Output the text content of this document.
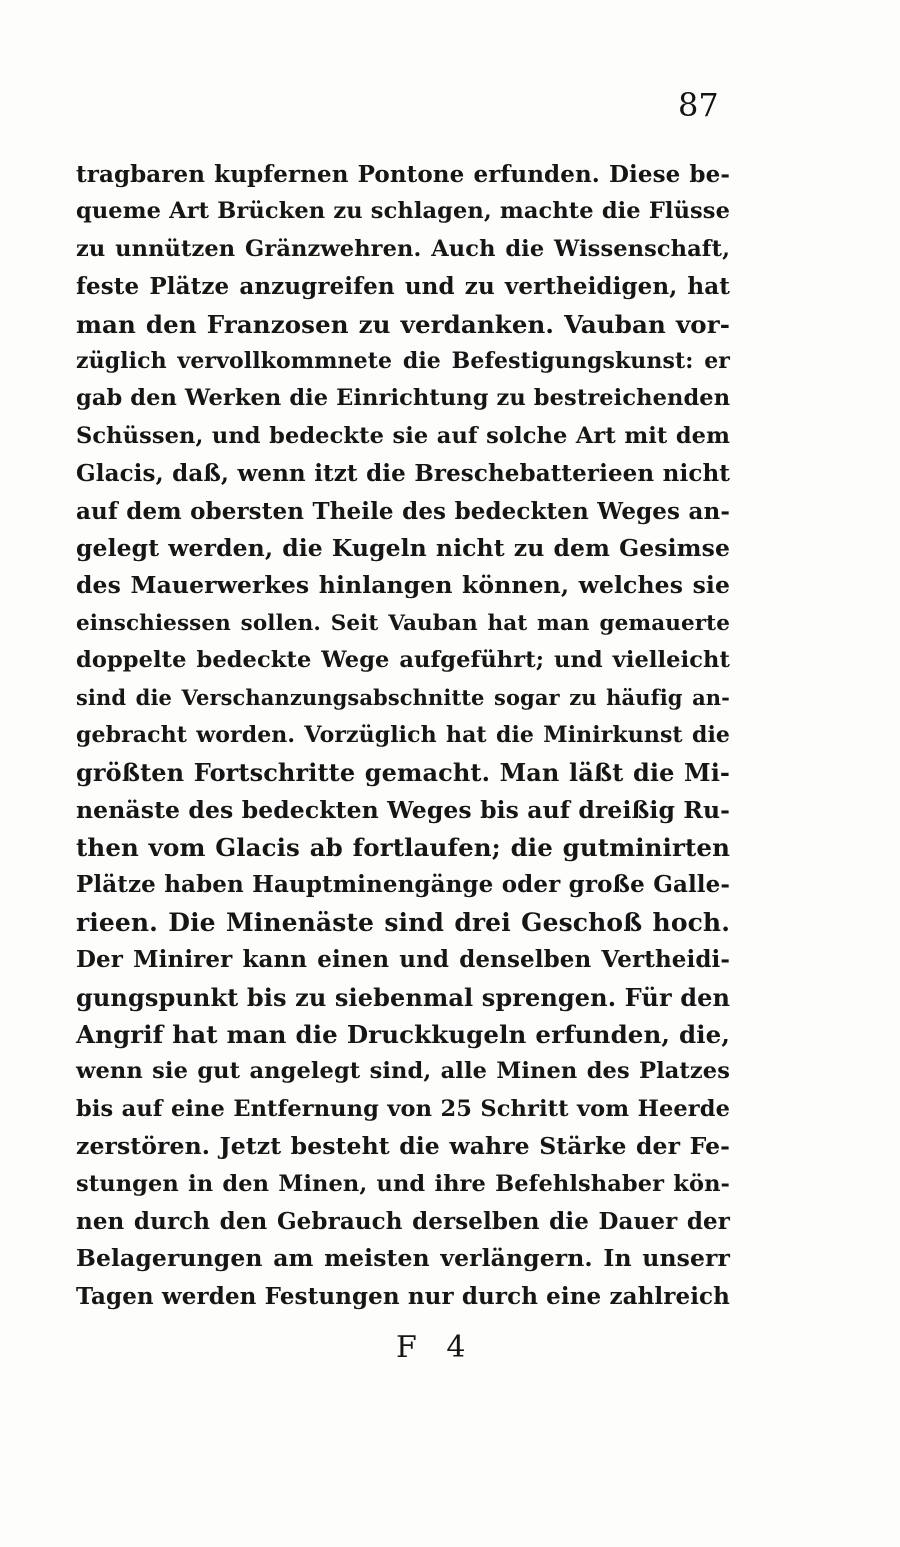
87
tragbaren kupfernen Pontone erfunden. Diese be-
queme Art Brücken zu schlagen, machte die Flüsse
zu unnützen Gränzwehren. Auch die Wissenschaft,
feste Plätze anzugreifen und zu vertheidigen, hat
man den Franzosen zu verdanken. Vauban vor-
züglich vervollkommnete die Befestigungskunst: er
gab den Werken die Einrichtung zu bestreichenden
Schüssen, und bedeckte sie auf solche Art mit dem
Glacis, daß, wenn itzt die Breschebatterieen nicht
auf dem obersten Theile des bedeckten Weges an-
gelegt werden, die Kugeln nicht zu dem Gesimse
des Mauerwerkes hinlangen können, welches sie
einschiessen sollen. Seit Vauban hat man gemauerte
doppelte bedeckte Wege aufgeführt; und vielleicht
sind die Verschanzungsabschnitte sogar zu häufig an-
gebracht worden. Vorzüglich hat die Minirkunst die
größten Fortschritte gemacht. Man läßt die Mi-
nenäste des bedeckten Weges bis auf dreißig Ru-
then vom Glacis ab fortlaufen; die gutminirten
Plätze haben Hauptminengänge oder große Galle-
rieen. Die Minenäste sind drei Geschoß hoch.
Der Minirer kann einen und denselben Vertheidi-
gungspunkt bis zu siebenmal sprengen. Für den
Angrif hat man die Druckkugeln erfunden, die,
wenn sie gut angelegt sind, alle Minen des Platzes
bis auf eine Entfernung von 25 Schritt vom Heerde
zerstören. Jetzt besteht die wahre Stärke der Fe-
stungen in den Minen, und ihre Befehlshaber kön-
nen durch den Gebrauch derselben die Dauer der
Belagerungen am meisten verlängern. In unserr
Tagen werden Festungen nur durch eine zahlreich
F 4
